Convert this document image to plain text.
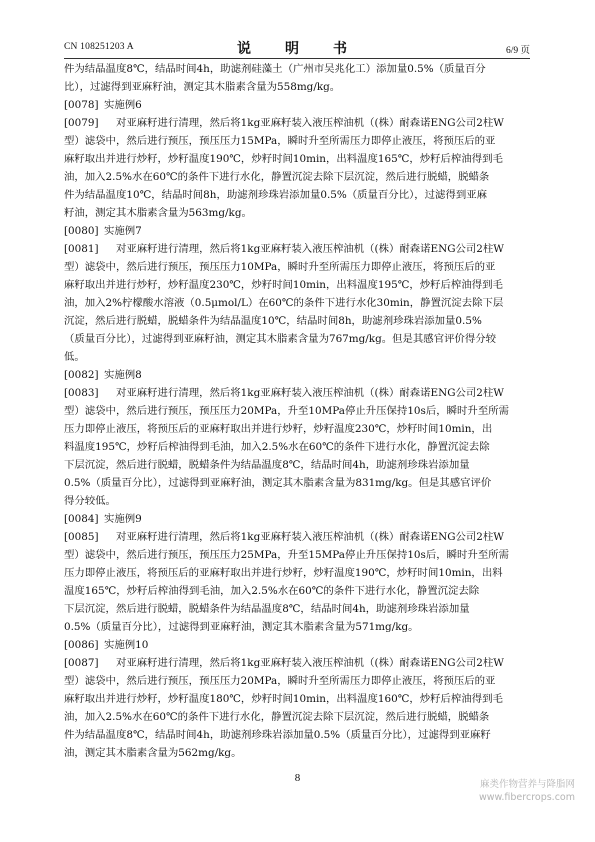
CN 108251203 A	说　明　书	6/9 页
件为结晶温度8℃，结晶时间4h，助滤剂硅藻土（广州市吴兆化工）添加量0.5%（质量百分
比），过滤得到亚麻籽油，测定其木脂素含量为558mg/kg。
[0078] 实施例6
[0079] 对亚麻籽进行清理，然后将1kg亚麻籽装入液压榨油机（(株）耐森诺ENG公司2柱W
型）滤袋中，然后进行预压，预压压力15MPa，瞬时升至所需压力即停止液压，将预压后的亚
麻籽取出并进行炒籽，炒籽温度190℃，炒籽时间10min，出料温度165℃，炒籽后榨油得到毛
油，加入2.5%水在60℃的条件下进行水化，静置沉淀去除下层沉淀，然后进行脱蜡，脱蜡条
件为结晶温度10℃，结晶时间8h，助滤剂珍珠岩添加量0.5%（质量百分比），过滤得到亚麻
籽油，测定其木脂素含量为563mg/kg。
[0080] 实施例7
[0081] 对亚麻籽进行清理，然后将1kg亚麻籽装入液压榨油机（(株）耐森诺ENG公司2柱W
型）滤袋中，然后进行预压，预压压力10MPa，瞬时升至所需压力即停止液压，将预压后的亚
麻籽取出并进行炒籽，炒籽温度230℃，炒籽时间10min，出料温度195℃，炒籽后榨油得到毛
油，加入2%柠檬酸水溶液（0.5μmol/L）在60℃的条件下进行水化30min，静置沉淀去除下层
沉淀，然后进行脱蜡，脱蜡条件为结晶温度10℃，结晶时间8h，助滤剂珍珠岩添加量0.5%
（质量百分比），过滤得到亚麻籽油，测定其木脂素含量为767mg/kg。但是其感官评价得分较
低。
[0082] 实施例8
[0083] 对亚麻籽进行清理，然后将1kg亚麻籽装入液压榨油机（(株）耐森诺ENG公司2柱W
型）滤袋中，然后进行预压，预压压力20MPa，升至10MPa停止升压保持10s后，瞬时升至所需
压力即停止液压，将预压后的亚麻籽取出并进行炒籽，炒籽温度230℃，炒籽时间10min，出
料温度195℃，炒籽后榨油得到毛油，加入2.5%水在60℃的条件下进行水化，静置沉淀去除
下层沉淀，然后进行脱蜡，脱蜡条件为结晶温度8℃，结晶时间4h，助滤剂珍珠岩添加量
0.5%（质量百分比），过滤得到亚麻籽油，测定其木脂素含量为831mg/kg。但是其感官评价
得分较低。
[0084] 实施例9
[0085] 对亚麻籽进行清理，然后将1kg亚麻籽装入液压榨油机（(株）耐森诺ENG公司2柱W
型）滤袋中，然后进行预压，预压压力25MPa，升至15MPa停止升压保持10s后，瞬时升至所需
压力即停止液压，将预压后的亚麻籽取出并进行炒籽，炒籽温度190℃，炒籽时间10min，出料
温度165℃，炒籽后榨油得到毛油，加入2.5%水在60℃的条件下进行水化，静置沉淀去除
下层沉淀，然后进行脱蜡，脱蜡条件为结晶温度8℃，结晶时间4h，助滤剂珍珠岩添加量
0.5%（质量百分比），过滤得到亚麻籽油，测定其木脂素含量为571mg/kg。
[0086] 实施例10
[0087] 对亚麻籽进行清理，然后将1kg亚麻籽装入液压榨油机（(株）耐森诺ENG公司2柱W
型）滤袋中，然后进行预压，预压压力20MPa，瞬时升至所需压力即停止液压，将预压后的亚
麻籽取出并进行炒籽，炒籽温度180℃，炒籽时间10min，出料温度160℃，炒籽后榨油得到毛
油，加入2.5%水在60℃的条件下进行水化，静置沉淀去除下层沉淀，然后进行脱蜡，脱蜡条
件为结晶温度8℃，结晶时间4h，助滤剂珍珠岩添加量0.5%（质量百分比），过滤得到亚麻籽
油，测定其木脂素含量为562mg/kg。
8
麻类作物营养与降脂网
www.fibercrops.com
